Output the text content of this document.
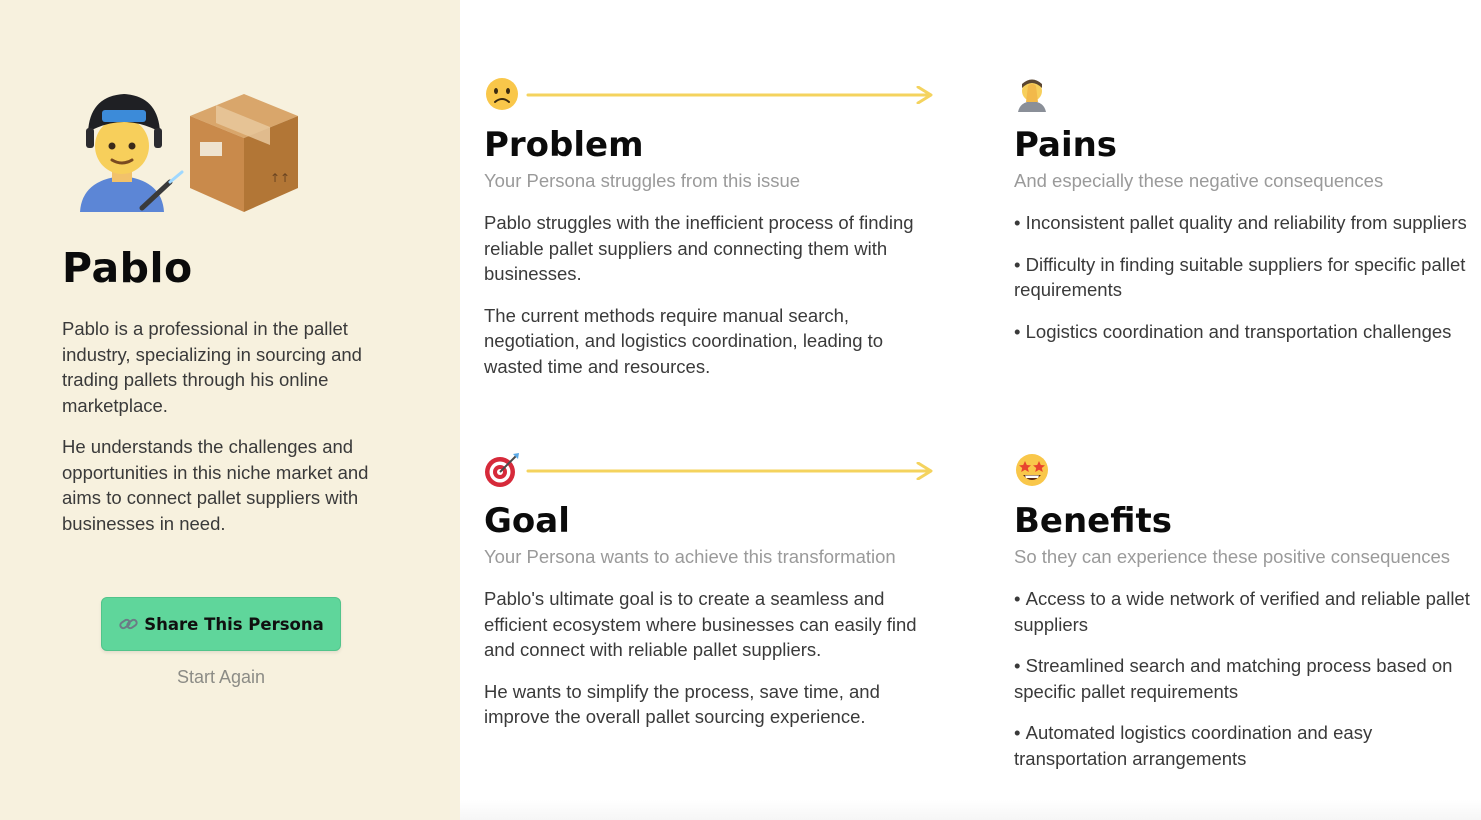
↑↑
Pablo

Pablo is a professional in the pallet industry, specializing in sourcing and trading pallets through his online marketplace.

He understands the challenges and opportunities in this niche market and aims to connect pallet suppliers with businesses in need.

Share This Persona
Start Again
Problem
Your Persona struggles from this issue

Pablo struggles with the inefficient process of finding reliable pallet suppliers and connecting them with businesses.

The current methods require manual search, negotiation, and logistics coordination, leading to wasted time and resources.

Pains
And especially these negative consequences
• Inconsistent pallet quality and reliability from suppliers
• Difficulty in finding suitable suppliers for specific pallet requirements
• Logistics coordination and transportation challenges
Goal
Your Persona wants to achieve this transformation

Pablo's ultimate goal is to create a seamless and efficient ecosystem where businesses can easily find and connect with reliable pallet suppliers.

He wants to simplify the process, save time, and improve the overall pallet sourcing experience.

Benefits
So they can experience these positive consequences
• Access to a wide network of verified and reliable pallet suppliers
• Streamlined search and matching process based on specific pallet requirements
• Automated logistics coordination and easy transportation arrangements
